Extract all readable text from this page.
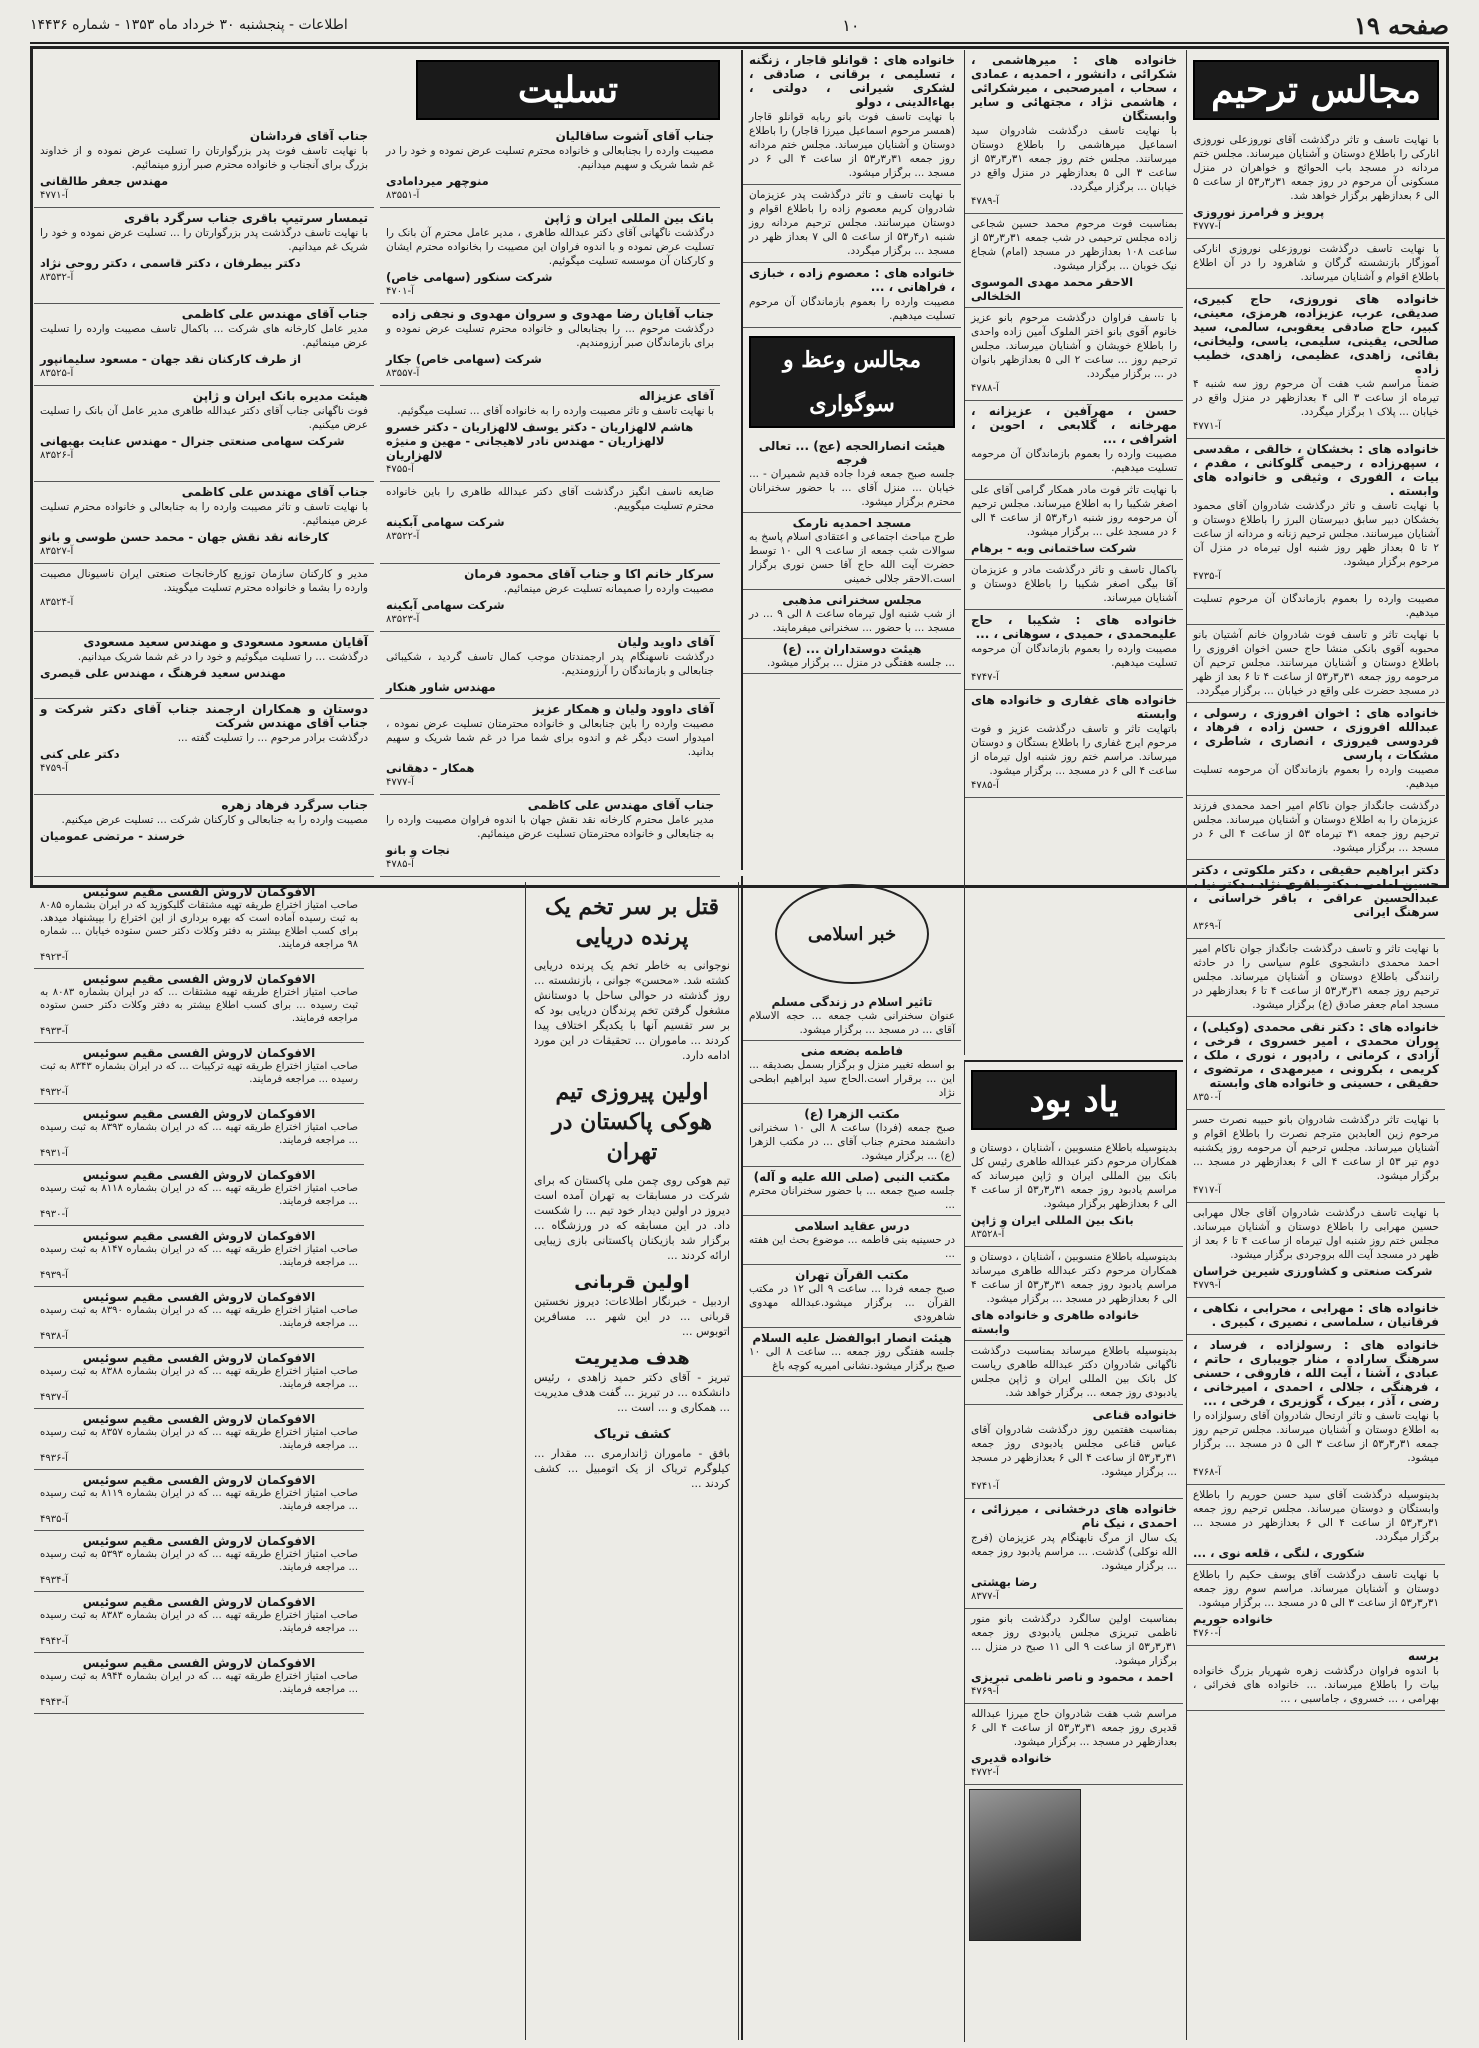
صفحه ۱۹
۱۰
اطلاعات - پنجشنبه ۳۰ خرداد ماه ۱۳۵۳ - شماره ۱۴۴۳۶
مجالس ترحیم
با نهایت تاسف و تاثر درگذشت آقای نوروزعلی نوروزی انارکی را باطلاع دوستان و آشنایان میرساند. مجلس ختم مردانه در مسجد باب الحوائج و خواهران در منزل مسکونی آن مرحوم در روز جمعه ۳۱ر۳ر۵۳ از ساعت ۵ الی ۶ بعدازظهر برگزار خواهد شد.
پرویز و فرامرز نوروزی
۴۷۷۷-آ
با نهایت تاسف درگذشت نوروزعلی نوروزی انارکی آموزگار بازنشسته گرگان و شاهرود را در آن اطلاع باطلاع اقوام و آشنایان میرساند.
خانواده های نوروزی، حاج کبیری، صدیقی، عرب، عزیزاده، هرمزی، معینی، کبیر، حاج صادقی یعقوبی، سالمی، سید صالحی، یقینی، سلیمی، یاسی، ولیخانی، بقائی، زاهدی، عظیمی، زاهدی، خطیب زاده
ضمناً مراسم شب هفت آن مرحوم روز سه شنبه ۴ تیرماه از ساعت ۳ الی ۴ بعدازظهر در منزل واقع در خیابان ... پلاک ۱ برگزار میگردد.
۴۷۷۱-آ
خانواده های : بخشکان ، خالقی ، مقدسی ، سپهرزاده ، رحیمی گلوکانی ، مقدم ، بیات ، الفوری ، وثیقی و خانواده های وابسته .
با نهایت تاسف و تاثر درگذشت شادروان آقای محمود بخشکان دبیر سابق دبیرستان البرز را باطلاع دوستان و آشنایان میرسانند. مجلس ترحیم زنانه و مردانه از ساعت ۲ تا ۵ بعداز ظهر روز شنبه اول تیرماه در منزل آن مرحوم برگزار میشود.
۴۷۳۵-آ
مصیبت وارده را بعموم بازماندگان آن مرحوم تسلیت میدهیم.
با نهایت تاثر و تاسف فوت شادروان خانم آشتیان بانو محبوبه آقوی بانکی منشا حاج حسن اخوان افروزی را باطلاع دوستان و آشنایان میرسانند. مجلس ترحیم آن مرحومه روز جمعه ۳۱ر۳ر۵۳ از ساعت ۴ تا ۶ بعد از ظهر در مسجد حضرت علی واقع در خیابان ... برگزار میگردد.
خانواده های : اخوان افروزی ، رسولی ، عبدالله افروزی ، حسن زاده ، فرهاد ، فردوسی فیروزی ، انصاری ، شاطری ، مشکات ، پارسی
مصیبت وارده را بعموم بازماندگان آن مرحومه تسلیت میدهیم.
درگذشت جانگداز جوان ناکام امیر احمد محمدی فرزند عزیزمان را به اطلاع دوستان و آشنایان میرساند. مجلس ترحیم روز جمعه ۳۱ تیرماه ۵۳ از ساعت ۴ الی ۶ در مسجد ... برگزار میشود.
دکتر ابراهیم حقیقی ، دکتر ملکوتی ، دکتر حسین امامی ، دکتر باقری نژاد ، دکتر نیا ، عبدالحسین عراقی ، باقر خراسانی ، سرهنگ ایرانی
۸۳۶۹-آ
با نهایت تاثر و تاسف درگذشت جانگداز جوان ناکام امیر احمد محمدی دانشجوی علوم سیاسی را در حادثه رانندگی باطلاع دوستان و آشنایان میرساند. مجلس ترحیم روز جمعه ۳۱ر۳ر۵۳ از ساعت ۴ تا ۶ بعدازظهر در مسجد امام جعفر صادق (ع) برگزار میشود.
خانواده های : دکتر نقی محمدی (وکیلی) ، پوران محمدی ، امیر خسروی ، فرخی ، آزادی ، کرمانی ، رادپور ، نوری ، ملک ، کریمی ، بکرونی ، میرمهدی ، مرتضوی ، حقیقی ، حسینی و خانواده های وابسته
۸۳۵۰-آ
با نهایت تاثر درگذشت شادروان بانو حبیبه نصرت حسر مرحوم زین العابدین مترجم نصرت را باطلاع اقوام و آشنایان میرساند. مجلس ترحیم آن مرحومه روز یکشنبه دوم تیر ۵۳ از ساعت ۴ الی ۶ بعدازظهر در مسجد ... برگزار میشود.
۴۷۱۷-آ
با نهایت تاسف درگذشت شادروان آقای جلال مهرابی حسین مهرابی را باطلاع دوستان و آشنایان میرساند. مجلس ختم روز شنبه اول تیرماه از ساعت ۴ تا ۶ بعد از ظهر در مسجد آیت الله بروجردی برگزار میشود.
شرکت صنعتی و کشاورزی شیرین خراسان
۴۷۷۹-آ
خانواده های : مهرابی ، محرابی ، نکاهی ، فرقانیان ، سلماسی ، نصیری ، کبیری .
خانواده های : رسولزاده ، فرساد ، سرهنگ ساراده ، منار جویباری ، حاتم ، عبادی ، آشنا ، آیت الله ، فاروقی ، حسنی ، فرهنگی ، جلالی ، احمدی ، امیرخانی ، رضی ، آذر ، بیرک ، گوزیری ، فرخی ، ...
با نهایت تاسف و تاثر ارتحال شادروان آقای رسولزاده را به اطلاع دوستان و آشنایان میرساند. مجلس ترحیم روز جمعه ۳۱ر۳ر۵۳ از ساعت ۳ الی ۵ در مسجد ... برگزار میشود.
۴۷۶۸-آ
بدینوسیله درگذشت آقای سید حسن حوریم را باطلاع وابستگان و دوستان میرساند. مجلس ترحیم روز جمعه ۳۱ر۳ر۵۳ از ساعت ۴ الی ۶ بعدازظهر در مسجد ... برگزار میگردد.
شکوری ، لنگی ، قلعه نوی ، ...
با نهایت تاسف درگذشت آقای یوسف حکیم را باطلاع دوستان و آشنایان میرساند. مراسم سوم روز جمعه ۳۱ر۳ر۵۳ از ساعت ۳ الی ۵ در مسجد ... برگزار میشود.
خانواده حوریم
۴۷۶۰-آ
برسه
با اندوه فراوان درگذشت زهره شهریار بزرگ خانواده بیات را باطلاع میرساند. ... خانواده های فخرائی ، بهرامی ، ... خسروی ، جاماسبی ، ...
خانواده های : میرهاشمی ، شکرائی ، دانشور ، احمدیه ، عمادی ، سحاب ، امیرصحبی ، میرشکرائی ، هاشمی نژاد ، مجتهائی و سایر وابستگان
با نهایت تاسف درگذشت شادروان سید اسماعیل میرهاشمی را باطلاع دوستان میرسانند. مجلس ختم روز جمعه ۳۱ر۳ر۵۳ از ساعت ۳ الی ۵ بعدازظهر در منزل واقع در خیابان ... برگزار میگردد.
۴۷۸۹-آ
بمناسبت فوت مرحوم محمد حسین شجاعی زاده مجلس ترحیمی در شب جمعه ۳۱ر۳ر۵۳ از ساعت ۱۰۸ بعدازظهر در مسجد (امام) شجاع نیک خوبان ... برگزار میشود.
الاحقر محمد مهدی الموسوی الخلخالی
با تاسف فراوان درگذشت مرحوم بانو عزیز خانوم آقوی بانو اختر الملوک آمین زاده واحدی را باطلاع خویشان و آشنایان میرساند. مجلس ترحیم روز ... ساعت ۲ الی ۵ بعدازظهر بانوان در ... برگزار میگردد.
۴۷۸۸-آ
حسن ، مهرآفین ، عزیزانه ، مهرخانه ، گلابعی ، احوین ، اشرافی ، ...
مصیبت وارده را بعموم بازماندگان آن مرحومه تسلیت میدهیم.
با نهایت تاثر فوت مادر همکار گرامی آقای علی اصغر شکیبا را به اطلاع میرساند. مجلس ترحیم آن مرحومه روز شنبه ۱ر۴ر۵۳ از ساعت ۴ الی ۶ در مسجد علی ... برگزار میشود.
شرکت ساختمانی وبه - برهام
باکمال تاسف و تاثر درگذشت مادر و عزیزمان آقا بیگی اصغر شکیبا را باطلاع دوستان و آشنایان میرساند.
خانواده های : شکیبا ، حاج علیمحمدی ، حمیدی ، سوهانی ، ...
مصیبت وارده را بعموم بازماندگان آن مرحومه تسلیت میدهیم.
۴۷۴۷-آ
خانواده های غفاری و خانواده های وابسته
باتهایت تاثر و تاسف درگذشت عزیز و فوت مرحوم ایرج غفاری را باطلاع بستگان و دوستان میرساند. مراسم ختم روز شنبه اول تیرماه از ساعت ۴ الی ۶ در مسجد ... برگزار میشود.
۴۷۸۵-آ
یاد بود
بدینوسیله باطلاع منسوبین ، آشنایان ، دوستان و همکاران مرحوم دکتر عبدالله طاهری رئیس کل بانک بین المللی ایران و ژاپن میرساند که مراسم یادبود روز جمعه ۳۱ر۳ر۵۳ از ساعت ۴ الی ۶ بعدازظهر برگزار میشود.
بانک بین المللی ایران و ژاپن
۸۳۵۲۸-آ
بدینوسیله باطلاع منسوبین ، آشنایان ، دوستان و همکاران مرحوم دکتر عبدالله طاهری میرساند مراسم یادبود روز جمعه ۳۱ر۳ر۵۳ از ساعت ۴ الی ۶ بعدازظهر در مسجد ... برگزار میشود.
خانواده طاهری و خانواده های وابسته
بدینوسیله باطلاع میرساند بمناسبت درگذشت ناگهانی شادروان دکتر عبدالله طاهری ریاست کل بانک بین المللی ایران و ژاپن مجلس یادبودی روز جمعه ... برگزار خواهد شد.
خانواده قناعی
بمناسبت هفتمین روز درگذشت شادروان آقای عباس قناعی مجلس یادبودی روز جمعه ۳۱ر۳ر۵۳ از ساعت ۴ الی ۶ بعدازظهر در مسجد ... برگزار میشود.
۴۷۴۱-آ
خانواده های درخشانی ، میرزائی ، احمدی ، نیک نام
یک سال از مرگ نابهنگام پدر عزیزمان (فرج الله نوکلی) گذشت. ... مراسم یادبود روز جمعه ... برگزار میشود.
رضا بهشتی
۸۳۷۷-آ
بمناسبت اولین سالگرد درگذشت بانو منور ناظمی تبریزی مجلس یادبودی روز جمعه ۳۱ر۳ر۵۳ از ساعت ۹ الی ۱۱ صبح در منزل ... برگزار میشود.
احمد ، محمود و ناصر ناظمی تبریزی
۴۷۶۹-آ
مراسم شب هفت شادروان حاج میرزا عبدالله قدیری روز جمعه ۳۱ر۳ر۵۳ از ساعت ۴ الی ۶ بعدازظهر در مسجد ... برگزار میشود.
خانواده قدیری
۴۷۷۲-آ
خانواده های : قوانلو قاجار ، زنگنه ، تسلیمی ، برقانی ، صادقی ، لشکری شیرانی ، دولتی ، بهاءالدینی ، دولو
با نهایت تاسف فوت بانو ربابه قوانلو قاجار (همسر مرحوم اسماعیل میرزا قاجار) را باطلاع دوستان و آشنایان میرساند. مجلس ختم مردانه روز جمعه ۳۱ر۳ر۵۳ از ساعت ۴ الی ۶ در مسجد ... برگزار میشود.
با نهایت تاسف و تاثر درگذشت پدر عزیزمان شادروان کریم معصوم زاده را باطلاع اقوام و دوستان میرسانند. مجلس ترحیم مردانه روز شنبه ۱ر۴ر۵۳ از ساعت ۵ الی ۷ بعداز ظهر در مسجد ... برگزار میگردد.
خانواده های : معصوم زاده ، خبازی ، فراهانی ، ...
مصیبت وارده را بعموم بازماندگان آن مرحوم تسلیت میدهیم.
مجالس وعظ و سوگواری
هیئت انصارالحجه (عج) ... تعالی فرجه
جلسه صبح جمعه فردا جاده قدیم شمیران - ... خیابان ... منزل آقای ... با حضور سخنرانان محترم برگزار میشود.
مسجد احمدیه نارمک
طرح مباحث اجتماعی و اعتقادی اسلام پاسخ به سوالات شب جمعه از ساعت ۹ الی ۱۰ توسط حضرت آیت الله حاج آقا حسن نوری برگزار است.الاحقر جلالی خمینی
مجلس سخنرانی مذهبی
از شب شنبه اول تیرماه ساعت ۸ الی ۹ ... در مسجد ... با حضور ... سخنرانی میفرمایند.
هیئت دوستداران ... (ع)
... جلسه هفتگی در منزل ... برگزار میشود.
خبر اسلامی
تاثیر اسلام در زندگی مسلم
عنوان سخنرانی شب جمعه ... حجه الاسلام آقای ... در مسجد ... برگزار میشود.
فاطمه بضعه منی
بو اسطه تغییر منزل و برگزار بسمل بصدیقه ... این ... برقرار است.الحاج سید ابراهیم ابطحی نژاد
مکتب الزهرا (ع)
صبح جمعه (فردا) ساعت ۸ الی ۱۰ سخنرانی دانشمند محترم جناب آقای ... در مکتب الزهرا (ع) ... برگزار میشود.
مکتب النبی (صلی الله علیه و آله)
جلسه صبح جمعه ... با حضور سخنرانان محترم ...
درس عقاید اسلامی
در حسینیه بنی فاطمه ... موضوع بحث این هفته ...
مکتب القرآن تهران
صبح جمعه فردا ... ساعت ۹ الی ۱۲ در مکتب القرآن ... برگزار میشود.عبدالله مهدوی شاهرودی
هیئت انصار ابوالفضل علیه السلام
جلسه هفتگی روز جمعه ... ساعت ۸ الی ۱۰ صبح برگزار میشود.نشانی امیریه کوچه باغ
تسلیت
جناب آقای آشوت ساقالیان
مصیبت وارده را بجنابعالی و خانواده محترم تسلیت عرض نموده و خود را در غم شما شریک و سهیم میدانیم.
منوچهر میردامادی
۸۳۵۵۱-آ
جناب آقای فرداشان
با نهایت تاسف فوت پدر بزرگوارتان را تسلیت عرض نموده و از خداوند بزرگ برای آنجناب و خانواده محترم صبر آرزو مینمائیم.
مهندس جعفر طالقانی
۴۷۷۱-آ
بانک بین المللی ایران و ژاپن
درگذشت ناگهانی آقای دکتر عبدالله طاهری ، مدیر عامل محترم آن بانک را تسلیت عرض نموده و با اندوه فراوان این مصیبت را بخانواده محترم ایشان و کارکنان آن موسسه تسلیت میگوئیم.
شرکت سنکور (سهامی خاص)
۴۷۰۱-آ
تیمسار سرتیپ باقری جناب سرگرد باقری
با نهایت تاسف درگذشت پدر بزرگوارتان را ... تسلیت عرض نموده و خود را شریک غم میدانیم.
دکتر بیطرفان ، دکتر قاسمی ، دکتر روحی نژاد
۸۳۵۳۲-آ
جناب آقایان رضا مهدوی و سروان مهدوی و نجفی زاده
درگذشت مرحوم ... را بجنابعالی و خانواده محترم تسلیت عرض نموده و برای بازماندگان صبر آرزومندیم.
شرکت (سهامی خاص) جکار
۸۳۵۵۷-آ
جناب آقای مهندس علی کاظمی
مدیر عامل کارخانه های شرکت ... باکمال تاسف مصیبت وارده را تسلیت عرض مینمائیم.
از طرف کارکنان نقد جهان - مسعود سلیمانپور
۸۳۵۲۵-آ
آقای عزیزاله
با نهایت تاسف و تاثر مصیبت وارده را به خانواده آقای ... تسلیت میگوئیم.
هاشم لالهزاریان - دکتر یوسف لالهزاریان - دکتر خسرو لالهزاریان - مهندس نادر لاهیجانی - مهین و منیژه لالهزاریان
۴۷۵۵-آ
هیئت مدیره بانک ایران و ژاپن
فوت ناگهانی جناب آقای دکتر عبدالله طاهری مدیر عامل آن بانک را تسلیت عرض میکنیم.
شرکت سهامی صنعتی جنرال - مهندس عنایت بهبهانی
۸۳۵۲۶-آ
ضایعه ناسف انگیز درگذشت آقای دکتر عبدالله طاهری را باین خانواده محترم تسلیت میگوییم.
شرکت سهامی آبکینه
۸۳۵۲۲-آ
جناب آقای مهندس علی کاظمی
با نهایت تاسف و تاثر مصیبت وارده را به جنابعالی و خانواده محترم تسلیت عرض مینمائیم.
کارخانه نقد نقش جهان - محمد حسن طوسی و بانو
۸۳۵۲۷-آ
سرکار خانم اکا و جناب آقای محمود فرمان
مصیبت وارده را صمیمانه تسلیت عرض مینمائیم.
شرکت سهامی آبکینه
۸۳۵۲۳-آ
مدیر و کارکنان سازمان توزیع کارخانجات صنعتی ایران ناسیونال مصیبت وارده را بشما و خانواده محترم تسلیت میگویند.
۸۳۵۲۴-آ
آقای داوید ولیان
درگذشت ناسهنگام پدر ارجمندتان موجب کمال تاسف گردید ، شکیبائی جنابعالی و بازماندگان را آرزومندیم.
مهندس شاور هنکار
آقایان مسعود مسعودی و مهندس سعید مسعودی
درگذشت ... را تسلیت میگوئیم و خود را در غم شما شریک میدانیم.
مهندس سعید فرهنگ ، مهندس علی قیصری
آقای داوود ولیان و همکار عزیز
مصیبت وارده را باین جنابعالی و خانواده محترمتان تسلیت عرض نموده ، امیدوار است دیگر غم و اندوه برای شما مرا در غم شما شریک و سهیم بدانید.
همکار - دهقانی
۴۷۷۷-آ
دوستان و همکاران ارجمند جناب آقای دکتر شرکت و جناب آقای مهندس شرکت
درگذشت برادر مرحوم ... را تسلیت گفته ...
دکتر علی کنی
۴۷۵۹-آ
جناب آقای مهندس علی کاظمی
مدیر عامل محترم کارخانه نقد نقش جهان با اندوه فراوان مصیبت وارده را به جنابعالی و خانواده محترمتان تسلیت عرض مینمائیم.
نجات و بانو
۴۷۸۵-آ
جناب سرگرد فرهاد زهره
مصیبت وارده را به جنابعالی و کارکنان شرکت ... تسلیت عرض میکنیم.
خرسند - مرتضی عمومیان
قتل بر سر تخم یک پرنده دریایی
نوجوانی به خاطر تخم یک پرنده دریایی کشته شد. «محسن» جوانی ، بازنشسته ... روز گذشته در حوالی ساحل با دوستانش مشغول گرفتن تخم پرندگان دریایی بود که بر سر تقسیم آنها با یکدیگر اختلاف پیدا کردند ... ماموران ... تحقیقات در این مورد ادامه دارد.
اولین پیروزی تیم هوکی پاکستان در تهران
تیم هوکی روی چمن ملی پاکستان که برای شرکت در مسابقات به تهران آمده است دیروز در اولین دیدار خود تیم ... را شکست داد. در این مسابقه که در ورزشگاه ... برگزار شد بازیکنان پاکستانی بازی زیبایی ارائه کردند ...
اولین قربانی
اردبیل - خبرنگار اطلاعات: دیروز نخستین قربانی ... در این شهر ... مسافرین اتوبوس ...
هدف مدیریت
تبریز - آقای دکتر حمید زاهدی ، رئیس دانشکده ... در تبریز ... گفت هدف مدیریت ... همکاری و ... است ...
کشف تریاک
بافق - ماموران ژاندارمری ... مقدار ... کیلوگرم تریاک از یک اتومبیل ... کشف کردند ...
الافوکمان لاروش الفسی مقیم سوئیس
صاحب امتیاز اختراع طریقه تهیه مشتقات گلیکوزید که در ایران بشماره ۸۰۸۵ به ثبت رسیده آماده است که بهره برداری از این اختراع را بپیشنهاد میدهد. برای کسب اطلاع بیشتر به دفتر وکلات دکتر حسن ستوده خیابان ... شماره ۹۸ مراجعه فرمایند.
۴۹۲۳-آ
الافوکمان لاروش الفسی مقیم سوئیس
صاحب امتیاز اختراع طریقه تهیه مشتقات ... که در ایران بشماره ۸۰۸۳ به ثبت رسیده ... برای کسب اطلاع بیشتر به دفتر وکلات دکتر حسن ستوده مراجعه فرمایند.
۴۹۳۳-آ
الافوکمان لاروش الفسی مقیم سوئیس
صاحب امتیاز اختراع طریقه تهیه ترکیبات ... که در ایران بشماره ۸۳۴۳ به ثبت رسیده ... مراجعه فرمایند.
۴۹۳۲-آ
الافوکمان لاروش الفسی مقیم سوئیس
صاحب امتیاز اختراع طریقه تهیه ... که در ایران بشماره ۸۳۹۳ به ثبت رسیده ... مراجعه فرمایند.
۴۹۳۱-آ
الافوکمان لاروش الفسی مقیم سوئیس
صاحب امتیاز اختراع طریقه تهیه ... که در ایران بشماره ۸۱۱۸ به ثبت رسیده ... مراجعه فرمایند.
۴۹۳۰-آ
الافوکمان لاروش الفسی مقیم سوئیس
صاحب امتیاز اختراع طریقه تهیه ... که در ایران بشماره ۸۱۴۷ به ثبت رسیده ... مراجعه فرمایند.
۴۹۳۹-آ
الافوکمان لاروش الفسی مقیم سوئیس
صاحب امتیاز اختراع طریقه تهیه ... که در ایران بشماره ۸۳۹۰ به ثبت رسیده ... مراجعه فرمایند.
۴۹۳۸-آ
الافوکمان لاروش الفسی مقیم سوئیس
صاحب امتیاز اختراع طریقه تهیه ... که در ایران بشماره ۸۳۸۸ به ثبت رسیده ... مراجعه فرمایند.
۴۹۳۷-آ
الافوکمان لاروش الفسی مقیم سوئیس
صاحب امتیاز اختراع طریقه تهیه ... که در ایران بشماره ۸۳۵۷ به ثبت رسیده ... مراجعه فرمایند.
۴۹۳۶-آ
الافوکمان لاروش الفسی مقیم سوئیس
صاحب امتیاز اختراع طریقه تهیه ... که در ایران بشماره ۸۱۱۹ به ثبت رسیده ... مراجعه فرمایند.
۴۹۳۵-آ
الافوکمان لاروش الفسی مقیم سوئیس
صاحب امتیاز اختراع طریقه تهیه ... که در ایران بشماره ۵۳۹۳ به ثبت رسیده ... مراجعه فرمایند.
۴۹۳۴-آ
الافوکمان لاروش الفسی مقیم سوئیس
صاحب امتیاز اختراع طریقه تهیه ... که در ایران بشماره ۸۳۸۳ به ثبت رسیده ... مراجعه فرمایند.
۴۹۴۲-آ
الافوکمان لاروش الفسی مقیم سوئیس
صاحب امتیاز اختراع طریقه تهیه ... که در ایران بشماره ۸۹۴۴ به ثبت رسیده ... مراجعه فرمایند.
۴۹۴۳-آ
